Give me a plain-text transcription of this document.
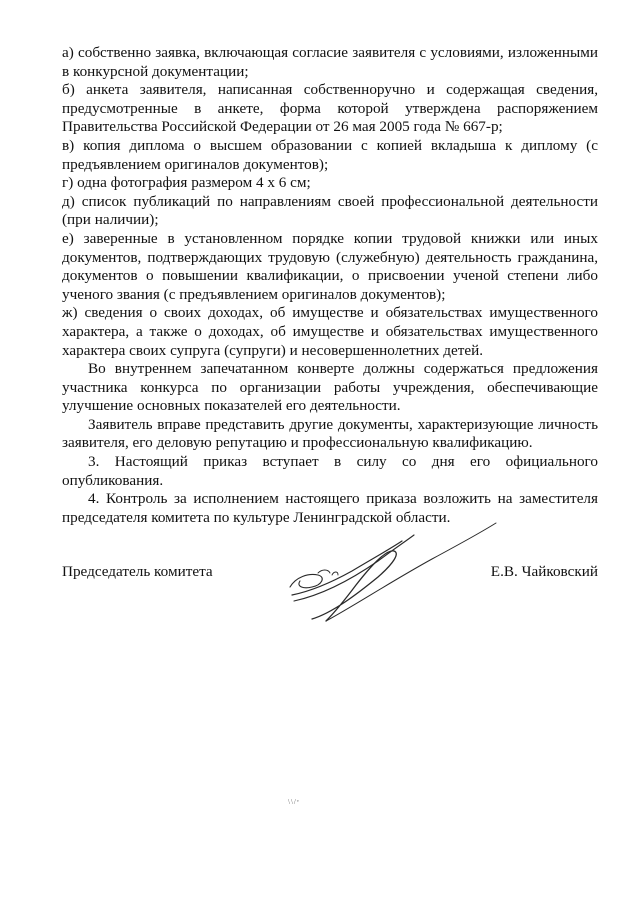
а) собственно заявка, включающая согласие заявителя с условиями, изложенными в конкурсной документации;

б) анкета заявителя, написанная собственноручно и содержащая сведения, предусмотренные в анкете, форма которой утверждена распоряжением Правительства Российской Федерации от 26 мая 2005 года № 667-р;

в) копия диплома о высшем образовании с копией вкладыша к диплому (с предъявлением оригиналов документов);

г) одна фотография размером 4 х 6 см;

д) список публикаций по направлениям своей профессиональной деятельности (при наличии);

е) заверенные в установленном порядке копии трудовой книжки или иных документов, подтверждающих трудовую (служебную) деятельность гражданина, документов о повышении квалификации, о присвоении ученой степени либо ученого звания (с предъявлением оригиналов документов);

ж) сведения о своих доходах, об имуществе и обязательствах имущественного характера, а также о доходах, об имуществе и обязательствах имущественного характера своих супруга (супруги) и несовершеннолетних детей.

Во внутреннем запечатанном конверте должны содержаться предложения участника конкурса по организации работы учреждения, обеспечивающие улучшение основных показателей его деятельности.

Заявитель вправе представить другие документы, характеризующие личность заявителя, его деловую репутацию и профессиональную квалификацию.

3. Настоящий приказ вступает в силу со дня его официального опубликования.

4. Контроль за исполнением настоящего приказа возложить на заместителя председателя комитета по культуре Ленинградской области.

Председатель комитета	Е.В. Чайковский
\\/ᵛ
